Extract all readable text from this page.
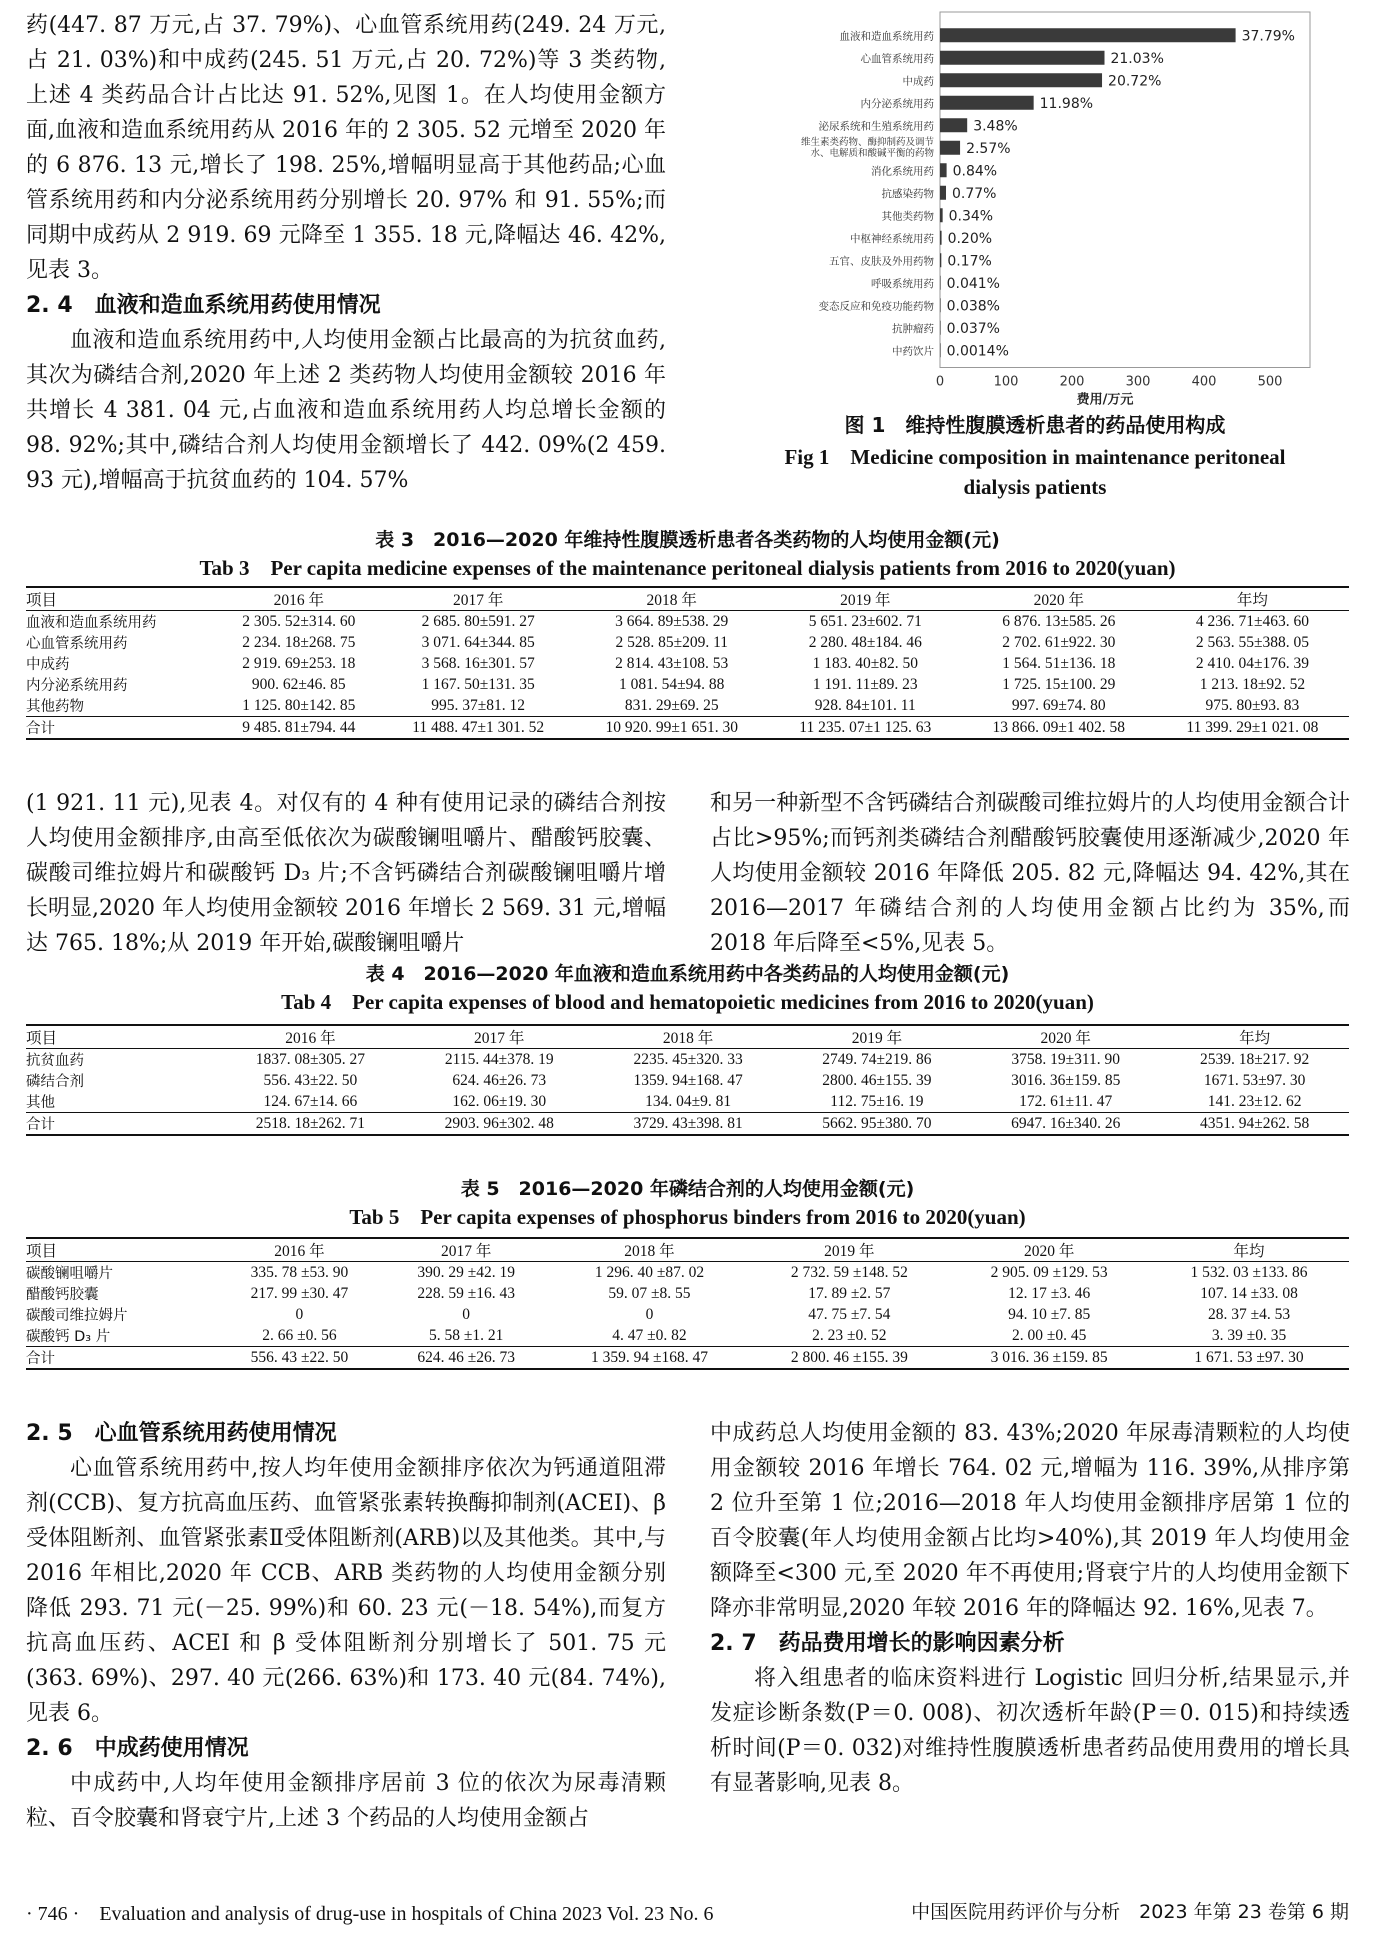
药(447. 87 万元,占 37. 79%)、心血管系统用药(249. 24 万元,占 21. 03%)和中成药(245. 51 万元,占 20. 72%)等 3 类药物,上述 4 类药品合计占比达 91. 52%,见图 1。在人均使用金额方面,血液和造血系统用药从 2016 年的 2 305. 52 元增至 2020 年的 6 876. 13 元,增长了 198. 25%,增幅明显高于其他药品;心血管系统用药和内分泌系统用药分别增长 20. 97% 和 91. 55%;而同期中成药从 2 919. 69 元降至 1 355. 18 元,降幅达 46. 42%,见表 3。

2. 4　血液和造血系统用药使用情况

血液和造血系统用药中,人均使用金额占比最高的为抗贫血药,其次为磷结合剂,2020 年上述 2 类药物人均使用金额较 2016 年共增长 4 381. 04 元,占血液和造血系统用药人均总增长金额的 98. 92%;其中,磷结合剂人均使用金额增长了 442. 09%(2 459. 93 元),增幅高于抗贫血药的 104. 57%

血液和造血系统用药	37.79%
心血管系统用药	21.03%
中成药	20.72%
内分泌系统用药	11.98%
泌尿系统和生殖系统用药	3.48%
维生素类药物、酶抑制药及调节
水、电解质和酸碱平衡的药物 2.57%
消化系统用药 0.84%
抗感染药物 0.77%
其他类药物 0.34%
中枢神经系统用药 0.20%
五官、皮肤及外用药物 0.17%
呼吸系统用药 0.041%
变态反应和免疫功能药物 0.038%
抗肿瘤药 0.037%
中药饮片 0.0014%
0	100	200	300	400	500
费用/万元
图 1　维持性腹膜透析患者的药品使用构成
Fig 1　Medicine composition in maintenance peritoneal dialysis patients
表 3　2016—2020 年维持性腹膜透析患者各类药物的人均使用金额(元)
Tab 3　Per capita medicine expenses of the maintenance peritoneal dialysis patients from 2016 to 2020(yuan)
项目	2016 年	2017 年	2018 年	2019 年	2020 年	年均
血液和造血系统用药	2 305. 52±314. 60	2 685. 80±591. 27	3 664. 89±538. 29	5 651. 23±602. 71	6 876. 13±585. 26	4 236. 71±463. 60
心血管系统用药	2 234. 18±268. 75	3 071. 64±344. 85	2 528. 85±209. 11	2 280. 48±184. 46	2 702. 61±922. 30	2 563. 55±388. 05
中成药	2 919. 69±253. 18	3 568. 16±301. 57	2 814. 43±108. 53	1 183. 40±82. 50	1 564. 51±136. 18	2 410. 04±176. 39
内分泌系统用药	900. 62±46. 85	1 167. 50±131. 35	1 081. 54±94. 88	1 191. 11±89. 23	1 725. 15±100. 29	1 213. 18±92. 52
其他药物	1 125. 80±142. 85	995. 37±81. 12	831. 29±69. 25	928. 84±101. 11	997. 69±74. 80	975. 80±93. 83
合计	9 485. 81±794. 44	11 488. 47±1 301. 52	10 920. 99±1 651. 30	11 235. 07±1 125. 63	13 866. 09±1 402. 58	11 399. 29±1 021. 08

(1 921. 11 元),见表 4。对仅有的 4 种有使用记录的磷结合剂按人均使用金额排序,由高至低依次为碳酸镧咀嚼片、醋酸钙胶囊、碳酸司维拉姆片和碳酸钙 D₃ 片;不含钙磷结合剂碳酸镧咀嚼片增长明显,2020 年人均使用金额较 2016 年增长 2 569. 31 元,增幅达 765. 18%;从 2019 年开始,碳酸镧咀嚼片

和另一种新型不含钙磷结合剂碳酸司维拉姆片的人均使用金额合计占比>95%;而钙剂类磷结合剂醋酸钙胶囊使用逐渐减少,2020 年人均使用金额较 2016 年降低 205. 82 元,降幅达 94. 42%,其在 2016—2017 年磷结合剂的人均使用金额占比约为 35%,而 2018 年后降至<5%,见表 5。

表 4　2016—2020 年血液和造血系统用药中各类药品的人均使用金额(元)
Tab 4　Per capita expenses of blood and hematopoietic medicines from 2016 to 2020(yuan)
项目	2016 年	2017 年	2018 年	2019 年	2020 年	年均
抗贫血药	1837. 08±305. 27	2115. 44±378. 19	2235. 45±320. 33	2749. 74±219. 86	3758. 19±311. 90	2539. 18±217. 92
磷结合剂	556. 43±22. 50	624. 46±26. 73	1359. 94±168. 47	2800. 46±155. 39	3016. 36±159. 85	1671. 53±97. 30
其他	124. 67±14. 66	162. 06±19. 30	134. 04±9. 81	112. 75±16. 19	172. 61±11. 47	141. 23±12. 62
合计	2518. 18±262. 71	2903. 96±302. 48	3729. 43±398. 81	5662. 95±380. 70	6947. 16±340. 26	4351. 94±262. 58
表 5　2016—2020 年磷结合剂的人均使用金额(元)
Tab 5　Per capita expenses of phosphorus binders from 2016 to 2020(yuan)
项目	2016 年	2017 年	2018 年	2019 年	2020 年	年均
碳酸镧咀嚼片	335. 78 ±53. 90	390. 29 ±42. 19	1 296. 40 ±87. 02	2 732. 59 ±148. 52	2 905. 09 ±129. 53	1 532. 03 ±133. 86
醋酸钙胶囊	217. 99 ±30. 47	228. 59 ±16. 43	59. 07 ±8. 55	17. 89 ±2. 57	12. 17 ±3. 46	107. 14 ±33. 08
碳酸司维拉姆片	0	0	0	47. 75 ±7. 54	94. 10 ±7. 85	28. 37 ±4. 53
碳酸钙 D₃ 片	2. 66 ±0. 56	5. 58 ±1. 21	4. 47 ±0. 82	2. 23 ±0. 52	2. 00 ±0. 45	3. 39 ±0. 35
合计	556. 43 ±22. 50	624. 46 ±26. 73	1 359. 94 ±168. 47	2 800. 46 ±155. 39	3 016. 36 ±159. 85	1 671. 53 ±97. 30
2. 5　心血管系统用药使用情况

心血管系统用药中,按人均年使用金额排序依次为钙通道阻滞剂(CCB)、复方抗高血压药、血管紧张素转换酶抑制剂(ACEI)、β 受体阻断剂、血管紧张素Ⅱ受体阻断剂(ARB)以及其他类。其中,与 2016 年相比,2020 年 CCB、ARB 类药物的人均使用金额分别降低 293. 71 元(－25. 99%)和 60. 23 元(－18. 54%),而复方抗高血压药、ACEI 和 β 受体阻断剂分别增长了 501. 75 元(363. 69%)、297. 40 元(266. 63%)和 173. 40 元(84. 74%),见表 6。

2. 6　中成药使用情况

中成药中,人均年使用金额排序居前 3 位的依次为尿毒清颗粒、百令胶囊和肾衰宁片,上述 3 个药品的人均使用金额占

中成药总人均使用金额的 83. 43%;2020 年尿毒清颗粒的人均使用金额较 2016 年增长 764. 02 元,增幅为 116. 39%,从排序第 2 位升至第 1 位;2016—2018 年人均使用金额排序居第 1 位的百令胶囊(年人均使用金额占比均>40%),其 2019 年人均使用金额降至<300 元,至 2020 年不再使用;肾衰宁片的人均使用金额下降亦非常明显,2020 年较 2016 年的降幅达 92. 16%,见表 7。

2. 7　药品费用增长的影响因素分析

将入组患者的临床资料进行 Logistic 回归分析,结果显示,并发症诊断条数(P＝0. 008)、初次透析年龄(P＝0. 015)和持续透析时间(P＝0. 032)对维持性腹膜透析患者药品使用费用的增长具有显著影响,见表 8。

· 746 ·　Evaluation and analysis of drug-use in hospitals of China 2023 Vol. 23 No. 6	中国医院用药评价与分析　2023 年第 23 卷第 6 期
